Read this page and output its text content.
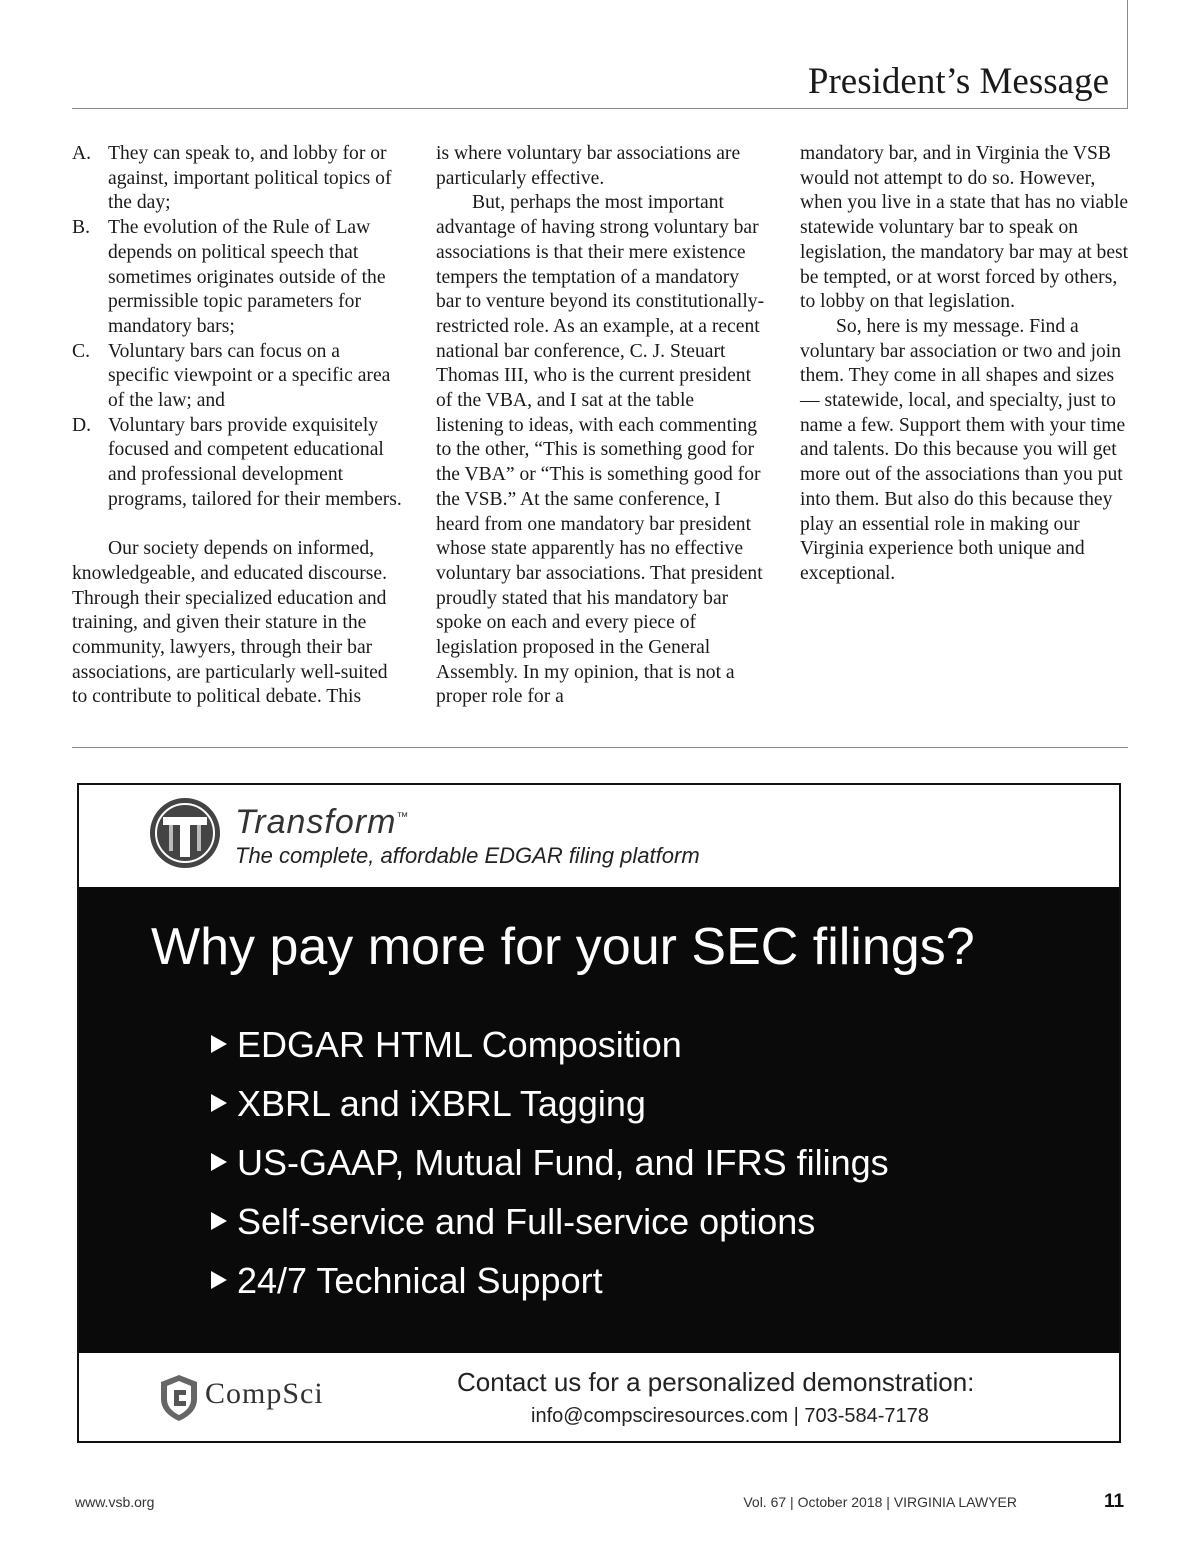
President’s Message
A. They can speak to, and lobby for or against, important political topics of the day;
B. The evolution of the Rule of Law depends on political speech that sometimes originates outside of the permissible topic parameters for mandatory bars;
C. Voluntary bars can focus on a specific viewpoint or a specific area of the law; and
D. Voluntary bars provide exquisitely focused and competent educational and professional development programs, tailored for their members.

Our society depends on informed, knowledgeable, and educated discourse. Through their specialized education and training, and given their stature in the community, lawyers, through their bar associations, are particularly well-suited to contribute to political debate. This

is where voluntary bar associations are particularly effective.

But, perhaps the most important advantage of having strong voluntary bar associations is that their mere existence tempers the temptation of a mandatory bar to venture beyond its constitutionally-restricted role. As an example, at a recent national bar conference, C. J. Steuart Thomas III, who is the current president of the VBA, and I sat at the table listening to ideas, with each commenting to the other, “This is something good for the VBA” or “This is something good for the VSB.” At the same conference, I heard from one mandatory bar president whose state apparently has no effective voluntary bar associations. That president proudly stated that his mandatory bar spoke on each and every piece of legislation proposed in the General Assembly. In my opinion, that is not a proper role for a

mandatory bar, and in Virginia the VSB would not attempt to do so. However, when you live in a state that has no viable statewide voluntary bar to speak on legislation, the mandatory bar may at best be tempted, or at worst forced by others, to lobby on that legislation.

So, here is my message. Find a voluntary bar association or two and join them. They come in all shapes and sizes — statewide, local, and specialty, just to name a few. Support them with your time and talents. Do this because you will get more out of the associations than you put into them. But also do this because they play an essential role in making our Virginia experience both unique and exceptional.

Transform™
The complete, affordable EDGAR filing platform
Why pay more for your SEC filings?
EDGAR HTML Composition
XBRL and iXBRL Tagging
US-GAAP, Mutual Fund, and IFRS filings
Self-service and Full-service options
24/7 Technical Support
CompSci	Contact us for a personalized demonstration:
info@compsciresources.com | 703-584-7178
www.vsb.org	Vol. 67 | October 2018 | VIRGINIA LAWYER	11
